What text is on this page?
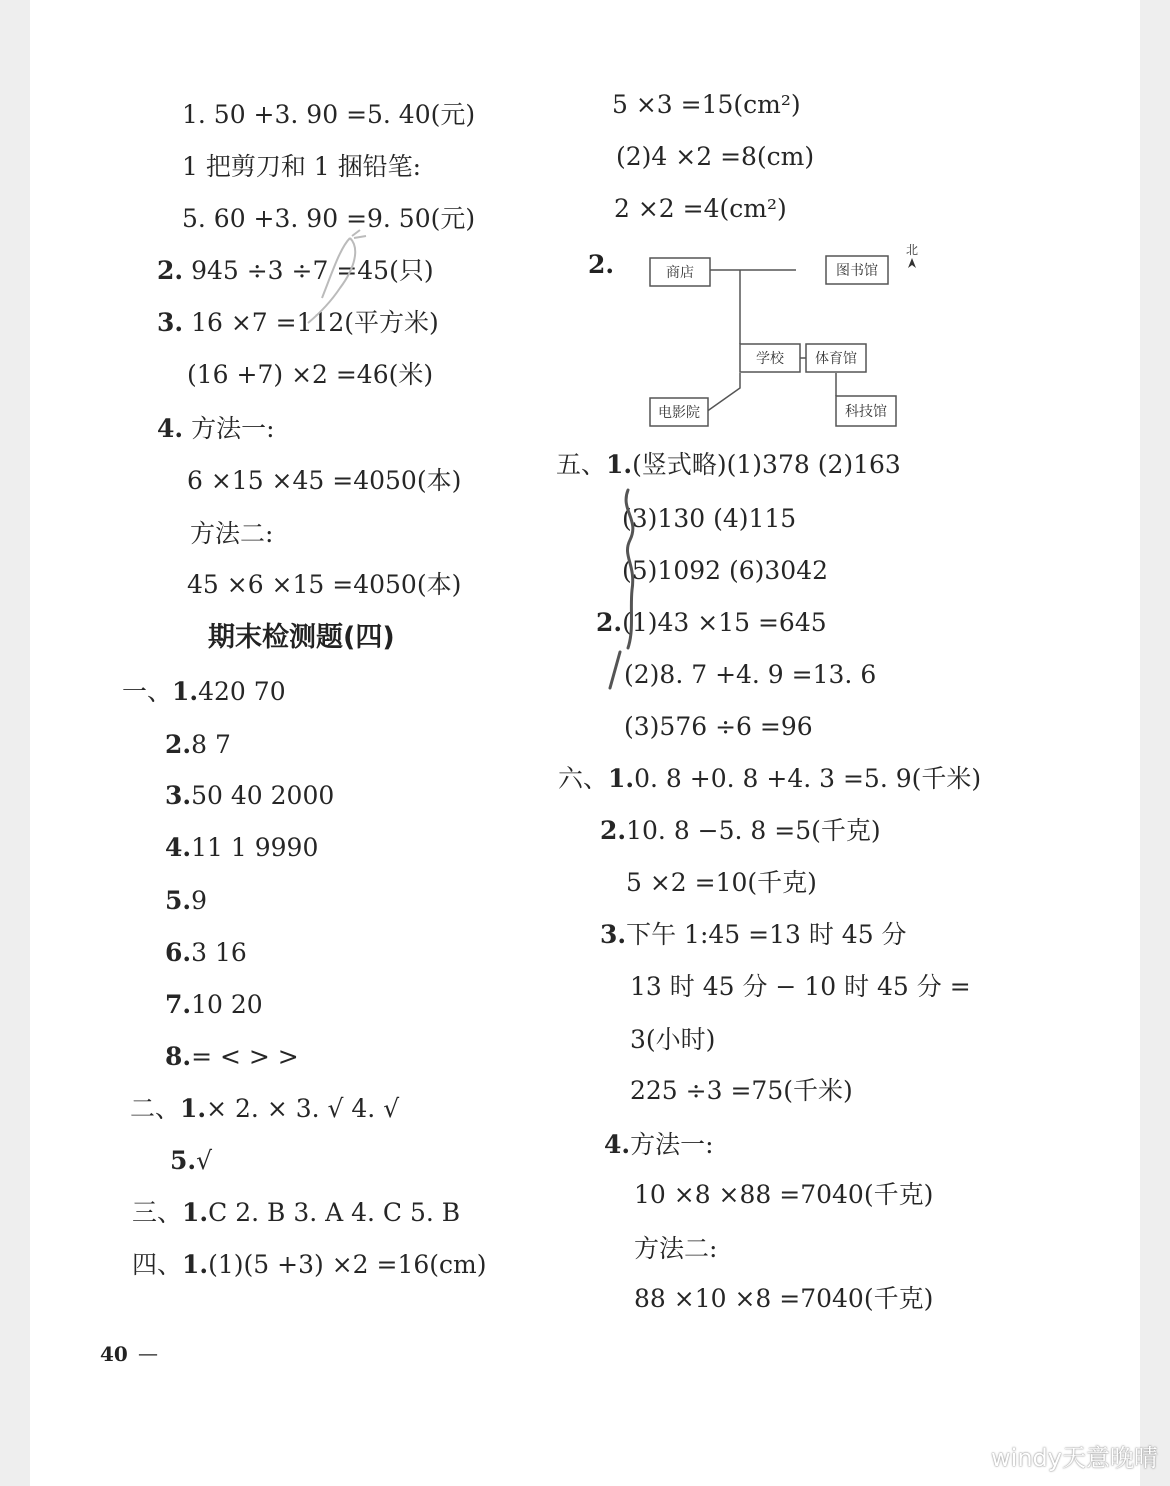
1. 50 +3. 90 =5. 40(元)
1 把剪刀和 1 捆铅笔:
5. 60 +3. 90 =9. 50(元)
2. 945 ÷3 ÷7 =45(只)
3. 16 ×7 =112(平方米)
(16 +7) ×2 =46(米)
4. 方法一:
6 ×15 ×45 =4050(本)
方法二:
45 ×6 ×15 =4050(本)
期末检测题(四)
一、1.420 70
2.8 7
3.50 40 2000
4.11 1 9990
5.9
6.3 16
7.10 20
8.= < > >
二、1.× 2. × 3. √ 4. √
5.√
三、1.C 2. B 3. A 4. C 5. B
四、1.(1)(5 +3) ×2 =16(cm)
5 ×3 =15(cm²)
(2)4 ×2 =8(cm)
2 ×2 =4(cm²)
2.	商店	图书馆
学校 体育馆
电影院	科技馆
北
五、1.(竖式略)(1)378 (2)163
(3)130 (4)115
(5)1092 (6)3042
2.(1)43 ×15 =645
(2)8. 7 +4. 9 =13. 6
(3)576 ÷6 =96
六、1.0. 8 +0. 8 +4. 3 =5. 9(千米)
2.10. 8 −5. 8 =5(千克)
5 ×2 =10(千克)
3.下午 1:45 =13 时 45 分
13 时 45 分 − 10 时 45 分 =
3(小时)
225 ÷3 =75(千米)
4.方法一:
10 ×8 ×88 =7040(千克)
方法二:
88 ×10 ×8 =7040(千克)
40 —
windy天意晚晴
